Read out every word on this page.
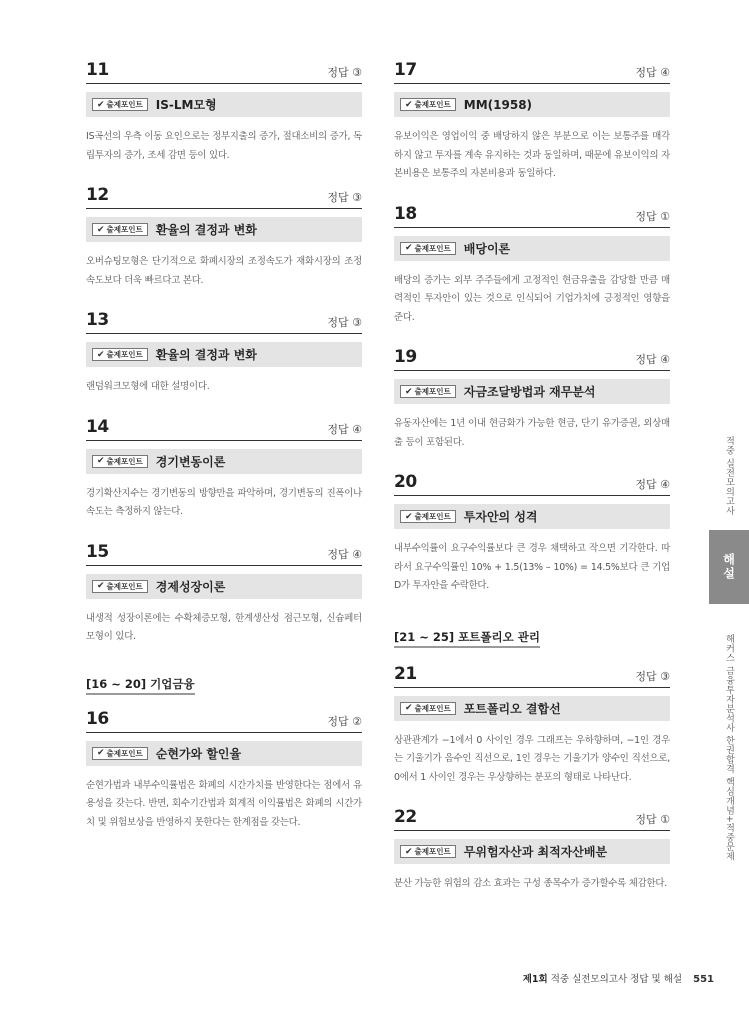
11	정답 ③
✔ 출제포인트 IS-LM모형
IS곡선의 우측 이동 요인으로는 정부지출의 증가, 절대소비의 증가, 독립투자의 증가, 조세 감면 등이 있다.
12	정답 ③
✔ 출제포인트 환율의 결정과 변화
오버슈팅모형은 단기적으로 화폐시장의 조정속도가 재화시장의 조정속도보다 더욱 빠르다고 본다.
13	정답 ③
✔ 출제포인트 환율의 결정과 변화
랜덤워크모형에 대한 설명이다.
14	정답 ④
✔ 출제포인트 경기변동이론
경기확산지수는 경기변동의 방향만을 파악하며, 경기변동의 진폭이나 속도는 측정하지 않는다.
15	정답 ④
✔ 출제포인트 경제성장이론
내생적 성장이론에는 수확체증모형, 한계생산성 점근모형, 신슘페터모형이 있다.
[16 ~ 20] 기업금융
16	정답 ②
✔ 출제포인트 순현가와 할인율
순현가법과 내부수익률법은 화폐의 시간가치를 반영한다는 점에서 유용성을 갖는다. 반면, 회수기간법과 회계적 이익률법은 화폐의 시간가치 및 위험보상을 반영하지 못한다는 한계점을 갖는다.
17	정답 ④
✔ 출제포인트 MM(1958)
유보이익은 영업이익 중 배당하지 않은 부분으로 이는 보통주를 매각하지 않고 투자를 계속 유지하는 것과 동일하며, 때문에 유보이익의 자본비용은 보통주의 자본비용과 동일하다.
18	정답 ①
✔ 출제포인트 배당이론
배당의 증가는 외부 주주들에게 고정적인 현금유출을 감당할 만큼 매력적인 투자안이 있는 것으로 인식되어 기업가치에 긍정적인 영향을 준다.
19	정답 ④
✔ 출제포인트 자금조달방법과 재무분석
유동자산에는 1년 이내 현금화가 가능한 현금, 단기 유가증권, 외상매출 등이 포함된다.
20	정답 ④
✔ 출제포인트 투자안의 성격
내부수익률이 요구수익률보다 큰 경우 채택하고 작으면 기각한다. 따라서 요구수익률인 10% + 1.5(13% – 10%) = 14.5%보다 큰 기업 D가 투자안을 수락한다.
[21 ~ 25] 포트폴리오 관리
21	정답 ③
✔ 출제포인트 포트폴리오 결합선
상관관계가 −1에서 0 사이인 경우 그래프는 우하향하며, −1인 경우는 기울기가 음수인 직선으로, 1인 경우는 기울기가 양수인 직선으로, 0에서 1 사이인 경우는 우상향하는 분포의 형태로 나타난다.
22	정답 ①
✔ 출제포인트 무위험자산과 최적자산배분
분산 가능한 위험의 감소 효과는 구성 종목수가 증가할수록 체감한다.
적중 실전모의고사
해설
해커스 금융투자분석사 한권합격 핵심개념+적중문제
제1회 적중 실전모의고사 정답 및 해설 551
